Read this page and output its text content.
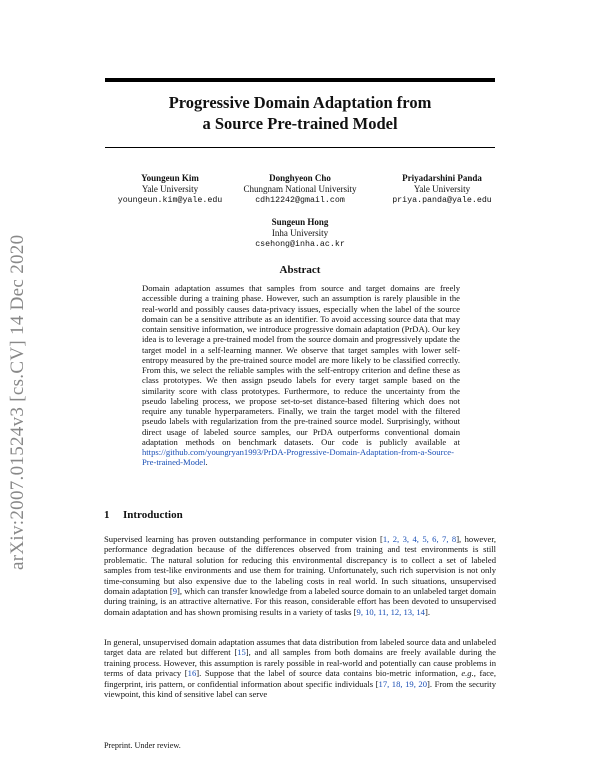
arXiv:2007.01524v3 [cs.CV] 14 Dec 2020
Progressive Domain Adaptation from
a Source Pre-trained Model
Youngeun Kim
Yale University
youngeun.kim@yale.edu
Donghyeon Cho
Chungnam National University
cdh12242@gmail.com
Priyadarshini Panda
Yale University
priya.panda@yale.edu
Sungeun Hong
Inha University
csehong@inha.ac.kr
Abstract
Domain adaptation assumes that samples from source and target domains are freely accessible during a training phase. However, such an assumption is rarely plausible in the real-world and possibly causes data-privacy issues, especially when the label of the source domain can be a sensitive attribute as an identifier. To avoid accessing source data that may contain sensitive information, we introduce progressive domain adaptation (PrDA). Our key idea is to leverage a pre-trained model from the source domain and progressively update the target model in a self-learning manner. We observe that target samples with lower self-entropy measured by the pre-trained source model are more likely to be classified correctly. From this, we select the reliable samples with the self-entropy criterion and define these as class prototypes. We then assign pseudo labels for every target sample based on the similarity score with class prototypes. Furthermore, to reduce the uncertainty from the pseudo labeling process, we propose set-to-set distance-based filtering which does not require any tunable hyperparameters. Finally, we train the target model with the filtered pseudo labels with regularization from the pre-trained source model. Surprisingly, without direct usage of labeled source samples, our PrDA outperforms conventional domain adaptation methods on benchmark datasets. Our code is publicly available at https://github.com/youngryan1993/PrDA-Progressive-Domain-Adaptation-from-a-Source-Pre-trained-Model.
1 Introduction
Supervised learning has proven outstanding performance in computer vision [1, 2, 3, 4, 5, 6, 7, 8], however, performance degradation because of the differences observed from training and test environments is still problematic. The natural solution for reducing this environmental discrepancy is to collect a set of labeled samples from test-like environments and use them for training. Unfortunately, such rich supervision is not only time-consuming but also expensive due to the labeling costs in real world. In such situations, unsupervised domain adaptation [9], which can transfer knowledge from a labeled source domain to an unlabeled target domain during training, is an attractive alternative. For this reason, considerable effort has been devoted to unsupervised domain adaptation and has shown promising results in a variety of tasks [9, 10, 11, 12, 13, 14].
In general, unsupervised domain adaptation assumes that data distribution from labeled source data and unlabeled target data are related but different [15], and all samples from both domains are freely available during the training process. However, this assumption is rarely possible in real-world and potentially can cause problems in terms of data privacy [16]. Suppose that the label of source data contains bio-metric information, e.g., face, fingerprint, iris pattern, or confidential information about specific individuals [17, 18, 19, 20]. From the security viewpoint, this kind of sensitive label can serve
Preprint. Under review.
